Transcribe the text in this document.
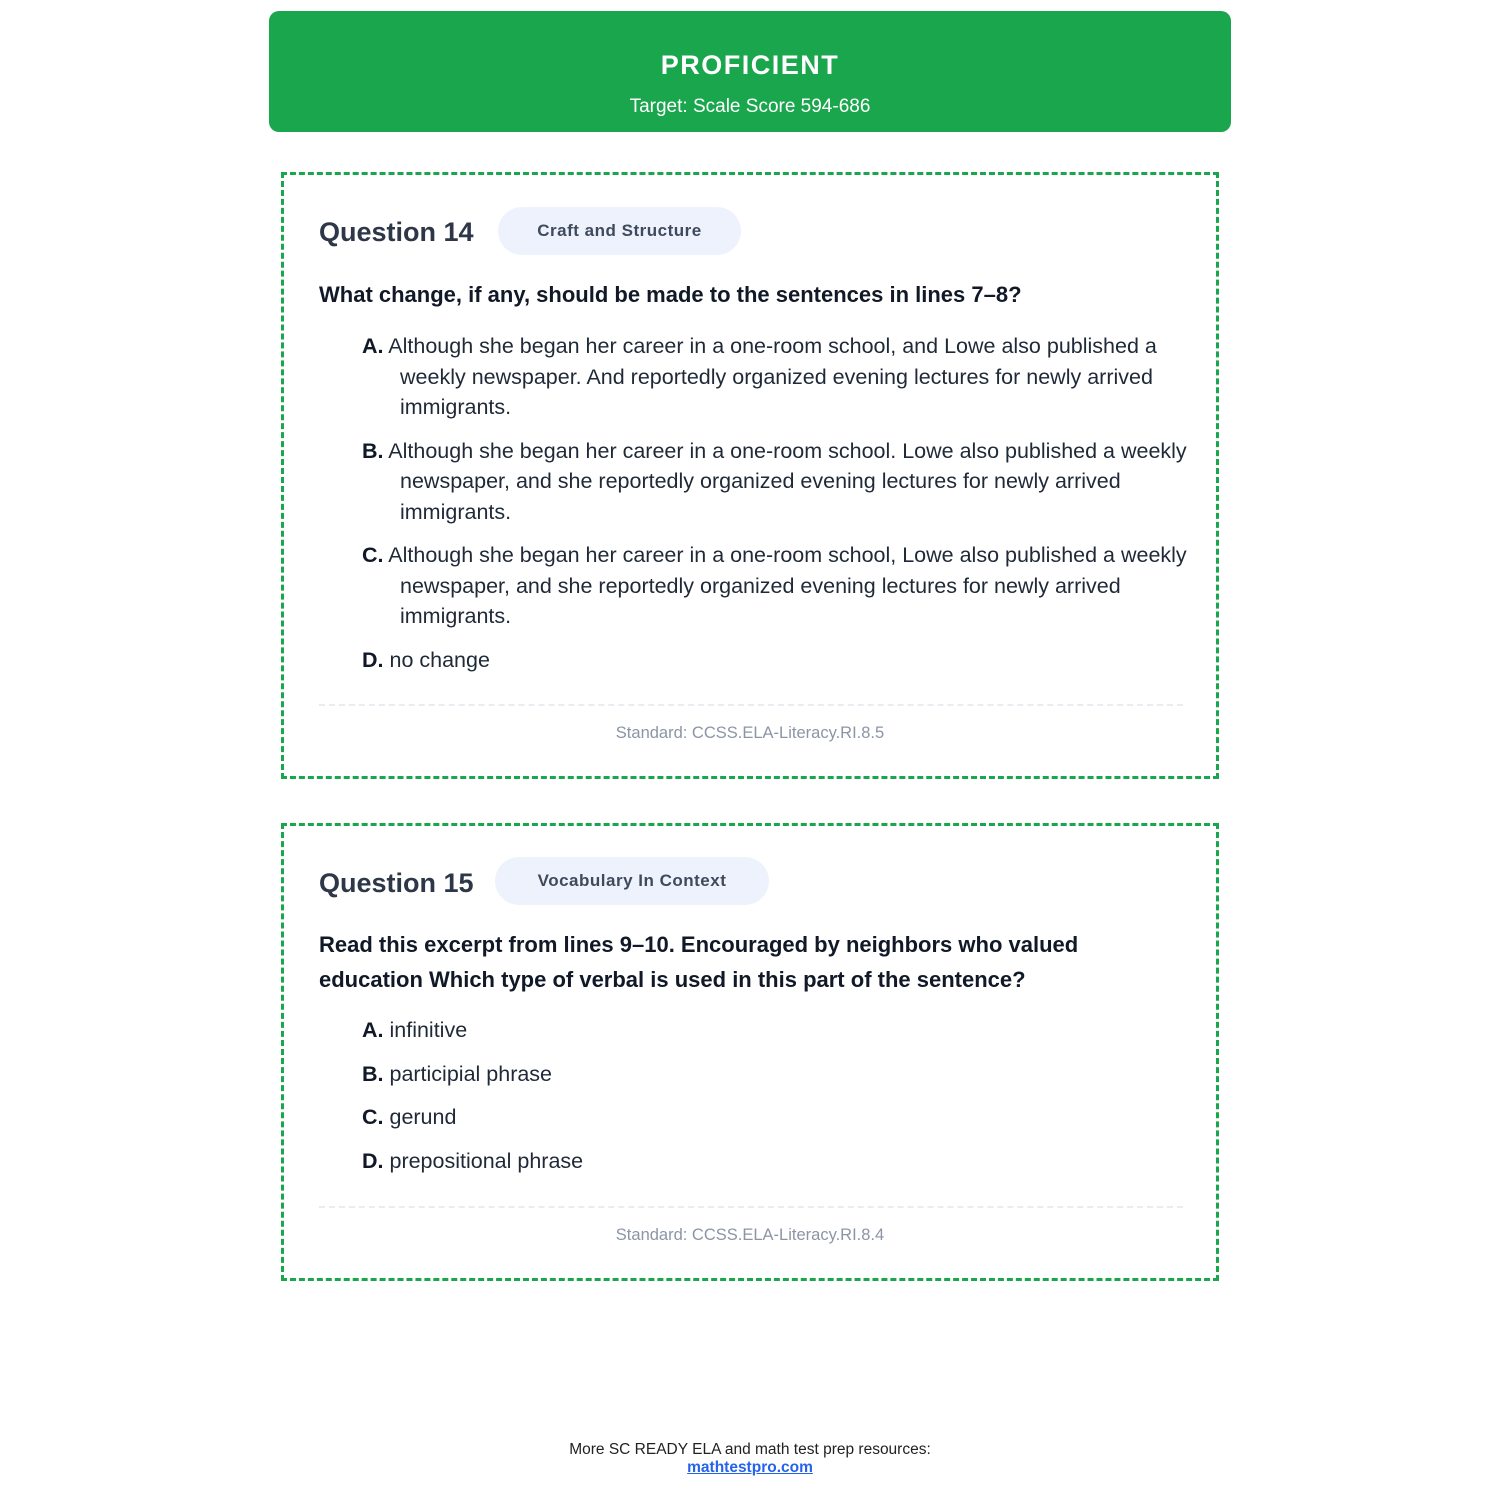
PROFICIENT
Target: Scale Score 594-686
Question 14	Craft and Structure
What change, if any, should be made to the sentences in lines 7–8?
A. Although she began her career in a one-room school, and Lowe also published a weekly newspaper. And reportedly organized evening lectures for newly arrived immigrants.
B. Although she began her career in a one-room school. Lowe also published a weekly newspaper, and she reportedly organized evening lectures for newly arrived immigrants.
C. Although she began her career in a one-room school, Lowe also published a weekly newspaper, and she reportedly organized evening lectures for newly arrived immigrants.
D. no change
Standard: CCSS.ELA-Literacy.RI.8.5
Question 15	Vocabulary In Context
Read this excerpt from lines 9–10. Encouraged by neighbors who valued education Which type of verbal is used in this part of the sentence?
A. infinitive
B. participial phrase
C. gerund
D. prepositional phrase
Standard: CCSS.ELA-Literacy.RI.8.4
More SC READY ELA and math test prep resources:
mathtestpro.com
